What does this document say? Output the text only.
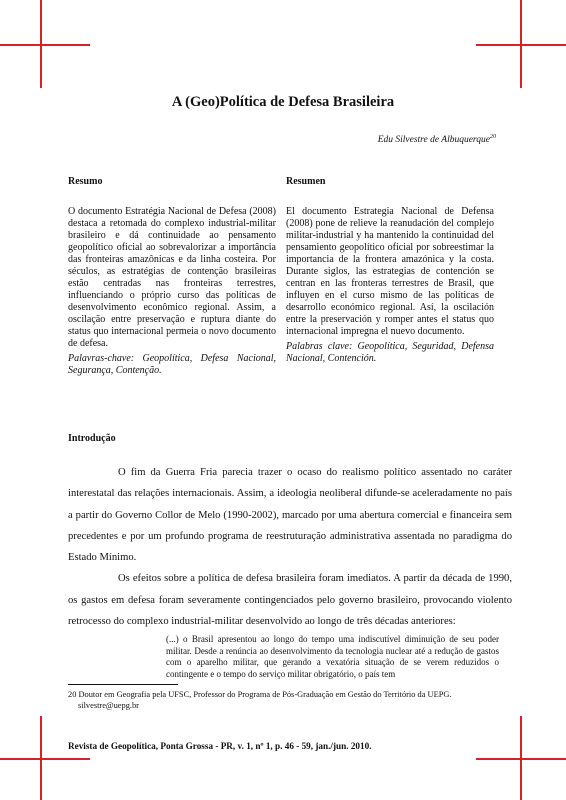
A (Geo)Política de Defesa Brasileira
Edu Silvestre de Albuquerque$^{20}$
Resumo	Resumen

O documento Estratégia Nacional de Defesa (2008) destaca a retomada do complexo industrial-militar brasileiro e dá continuidade ao pensamento geopolítico oficial ao sobrevalorizar a importância das fronteiras amazônicas e da linha costeira. Por séculos, as estratégias de contenção brasileiras estão centradas nas fronteiras terrestres, influenciando o próprio curso das políticas de desenvolvimento econômico regional. Assim, a oscilação entre preservação e ruptura diante do status quo internacional permeia o novo documento de defesa.

Palavras-chave: Geopolítica, Defesa Nacional, Segurança, Contenção.

El documento Estrategia Nacional de Defensa (2008) pone de relieve la reanudación del complejo militar-industrial y ha mantenido la continuidad del pensamiento geopolítico oficial por sobreestimar la importancia de la frontera amazónica y la costa. Durante siglos, las estrategias de contención se centran en las fronteras terrestres de Brasil, que influyen en el curso mismo de las políticas de desarrollo económico regional. Así, la oscilación entre la preservación y romper antes el status quo internacional impregna el nuevo documento.

Palabras clave: Geopolítica, Seguridad, Defensa Nacional, Contención.

Introdução

O fim da Guerra Fria parecia trazer o ocaso do realismo político assentado no caráter interestatal das relações internacionais. Assim, a ideologia neoliberal difunde-se aceleradamente no país a partir do Governo Collor de Melo (1990-2002), marcado por uma abertura comercial e financeira sem precedentes e por um profundo programa de reestruturação administrativa assentada no paradigma do Estado Mínimo.

Os efeitos sobre a política de defesa brasileira foram imediatos. A partir da década de 1990, os gastos em defesa foram severamente contingenciados pelo governo brasileiro, provocando violento retrocesso do complexo industrial-militar desenvolvido ao longo de três décadas anteriores:

(...) o Brasil apresentou ao longo do tempo uma indiscutível diminuição de seu poder militar. Desde a renúncia ao desenvolvimento da tecnologia nuclear até a redução de gastos com o aparelho militar, que gerando a vexatória situação de se verem reduzidos o contingente e o tempo do serviço militar obrigatório, o país tem
20 Doutor em Geografia pela UFSC, Professor do Programa de Pós-Graduação em Gestão do Território da UEPG.
silvestre@uepg.br
Revista de Geopolítica, Ponta Grossa - PR, v. 1, nº 1, p. 46 - 59, jan./jun. 2010.
